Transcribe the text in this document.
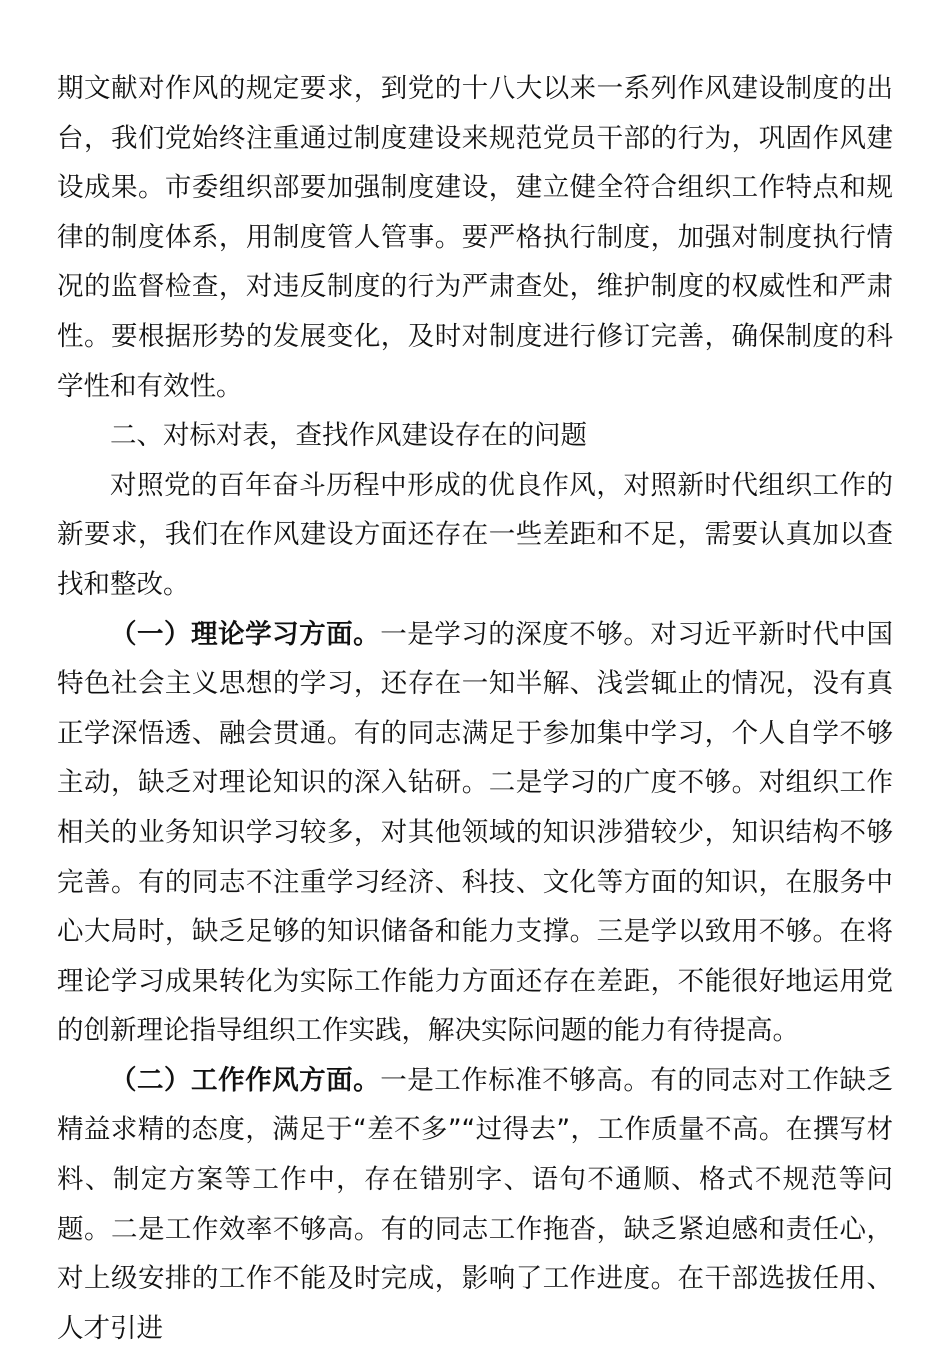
期文献对作风的规定要求，到党的十八大以来一系列作风建设制度的出台，我们党始终注重通过制度建设来规范党员干部的行为，巩固作风建设成果。市委组织部要加强制度建设，建立健全符合组织工作特点和规律的制度体系，用制度管人管事。要严格执行制度，加强对制度执行情况的监督检查，对违反制度的行为严肃查处，维护制度的权威性和严肃性。要根据形势的发展变化，及时对制度进行修订完善，确保制度的科学性和有效性。

二、对标对表，查找作风建设存在的问题

对照党的百年奋斗历程中形成的优良作风，对照新时代组织工作的新要求，我们在作风建设方面还存在一些差距和不足，需要认真加以查找和整改。

（一）理论学习方面。一是学习的深度不够。对习近平新时代中国特色社会主义思想的学习，还存在一知半解、浅尝辄止的情况，没有真正学深悟透、融会贯通。有的同志满足于参加集中学习，个人自学不够主动，缺乏对理论知识的深入钻研。二是学习的广度不够。对组织工作相关的业务知识学习较多，对其他领域的知识涉猎较少，知识结构不够完善。有的同志不注重学习经济、科技、文化等方面的知识，在服务中心大局时，缺乏足够的知识储备和能力支撑。三是学以致用不够。在将理论学习成果转化为实际工作能力方面还存在差距，不能很好地运用党的创新理论指导组织工作实践，解决实际问题的能力有待提高。

（二）工作作风方面。一是工作标准不够高。有的同志对工作缺乏精益求精的态度，满足于“差不多”“过得去”，工作质量不高。在撰写材料、制定方案等工作中，存在错别字、语句不通顺、格式不规范等问题。二是工作效率不够高。有的同志工作拖沓，缺乏紧迫感和责任心，对上级安排的工作不能及时完成，影响了工作进度。在干部选拔任用、人才引进
